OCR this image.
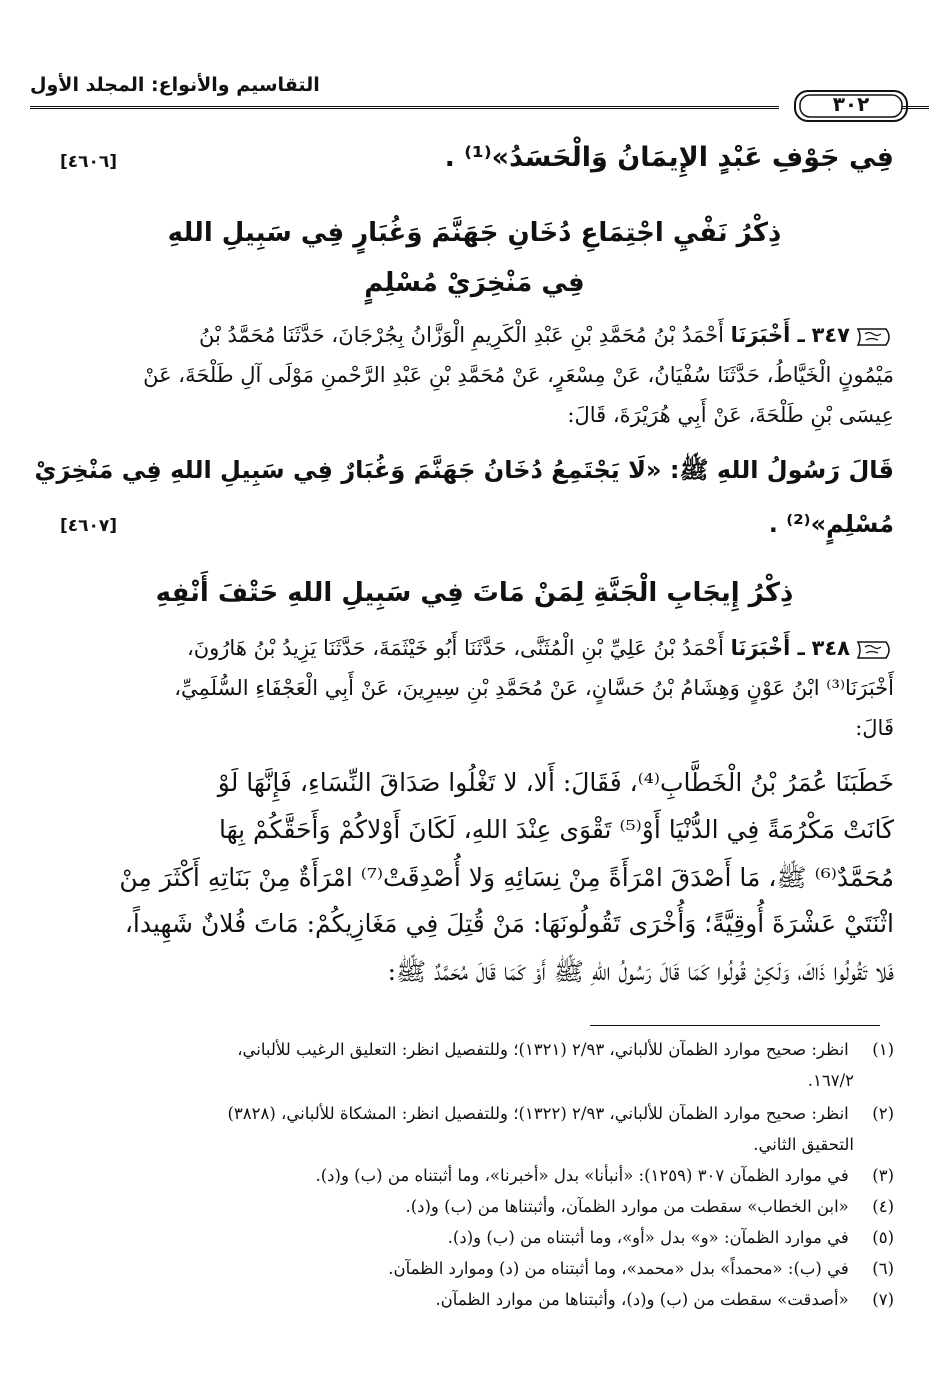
التقاسيم والأنواع: المجلد الأول
٣٠٢
فِي جَوْفِ عَبْدٍ الإِيمَانُ وَالْحَسَدُ»⁽¹⁾ .
[٤٦٠٦]
ذِكْرُ نَفْيِ اجْتِمَاعِ دُخَانِ جَهَنَّمَ وَغُبَارٍ فِي سَبِيلِ اللهِ
فِي مَنْخِرَيْ مُسْلِمٍ
٣٤٧ ـ أَخْبَرَنَا أَحْمَدُ بْنُ مُحَمَّدِ بْنِ عَبْدِ الْكَرِيمِ الْوَزَّانُ بِجُرْجَانَ، حَدَّثَنَا مُحَمَّدُ بْنُ
مَيْمُونٍ الْخَيَّاطُ، حَدَّثَنَا سُفْيَانُ، عَنْ مِسْعَرٍ، عَنْ مُحَمَّدِ بْنِ عَبْدِ الرَّحْمنِ مَوْلَى آلِ طَلْحَةَ، عَنْ
عِيسَى بْنِ طَلْحَةَ، عَنْ أَبِي هُرَيْرَةَ، قَالَ:
قَالَ رَسُولُ اللهِ ﷺ: «لَا يَجْتَمِعُ دُخَانُ جَهَنَّمَ وَغُبَارٌ فِي سَبِيلِ اللهِ فِي مَنْخِرَيْ
مُسْلِمٍ»⁽²⁾ .
[٤٦٠٧]
ذِكْرُ إِيجَابِ الْجَنَّةِ لِمَنْ مَاتَ فِي سَبِيلِ اللهِ حَتْفَ أَنْفِهِ
٣٤٨ ـ أَخْبَرَنَا أَحْمَدُ بْنُ عَلِيِّ بْنِ الْمُثَنَّى، حَدَّثَنَا أَبُو خَيْثَمَةَ، حَدَّثَنَا يَزِيدُ بْنُ هَارُونَ،
أَخْبَرَنَا⁽³⁾ ابْنُ عَوْنٍ وَهِشَامُ بْنُ حَسَّانٍ، عَنْ مُحَمَّدِ بْنِ سِيرِينَ، عَنْ أَبِي الْعَجْفَاءِ السُّلَمِيِّ،
قَالَ:
خَطَبَنَا عُمَرُ بْنُ الْخَطَّابِ⁽⁴⁾، فَقَالَ: أَلا، لا تَغْلُوا صَدَاقَ النِّسَاءِ، فَإِنَّهَا لَوْ
كَانَتْ مَكْرُمَةً فِي الدُّنْيَا أَوْ⁽⁵⁾ تَقْوَى عِنْدَ اللهِ، لَكَانَ أَوْلاكُمْ وَأَحَقَّكُمْ بِهَا
مُحَمَّدٌ⁽⁶⁾ ﷺ، مَا أَصْدَقَ امْرَأَةً مِنْ نِسَائِهِ وَلا أُصْدِقَتْ⁽⁷⁾ امْرَأَةٌ مِنْ بَنَاتِهِ أَكْثَرَ مِنْ
اثْنَتَيْ عَشْرَةَ أُوقِيَّةً؛ وَأُخْرَى تَقُولُونَهَا: مَنْ قُتِلَ فِي مَغَازِيكُمْ: مَاتَ فُلانٌ شَهِيداً،
فَلا تَقُولُوا ذَاكَ، وَلَكِنْ قُولُوا كَمَا قَالَ رَسُولُ اللهِ ﷺ أَوْ كَمَا قَالَ مُحَمَّدٌ ﷺ:
(١) انظر: صحيح موارد الظمآن للألباني، ٢/٩٣ (١٣٢١)؛ وللتفصيل انظر: التعليق الرغيب للألباني،
١٦٧/٢.
(٢) انظر: صحيح موارد الظمآن للألباني، ٢/٩٣ (١٣٢٢)؛ وللتفصيل انظر: المشكاة للألباني، (٣٨٢٨)
التحقيق الثاني.
(٣) في موارد الظمآن ٣٠٧ (١٢٥٩): «أنبأنا» بدل «أخبرنا»، وما أثبتناه من (ب) و(د).
(٤) «ابن الخطاب» سقطت من موارد الظمآن، وأثبتناها من (ب) و(د).
(٥) في موارد الظمآن: «و» بدل «أو»، وما أثبتناه من (ب) و(د).
(٦) في (ب): «محمداً» بدل «محمد»، وما أثبتناه من (د) وموارد الظمآن.
(٧) «أصدقت» سقطت من (ب) و(د)، وأثبتناها من موارد الظمآن.
